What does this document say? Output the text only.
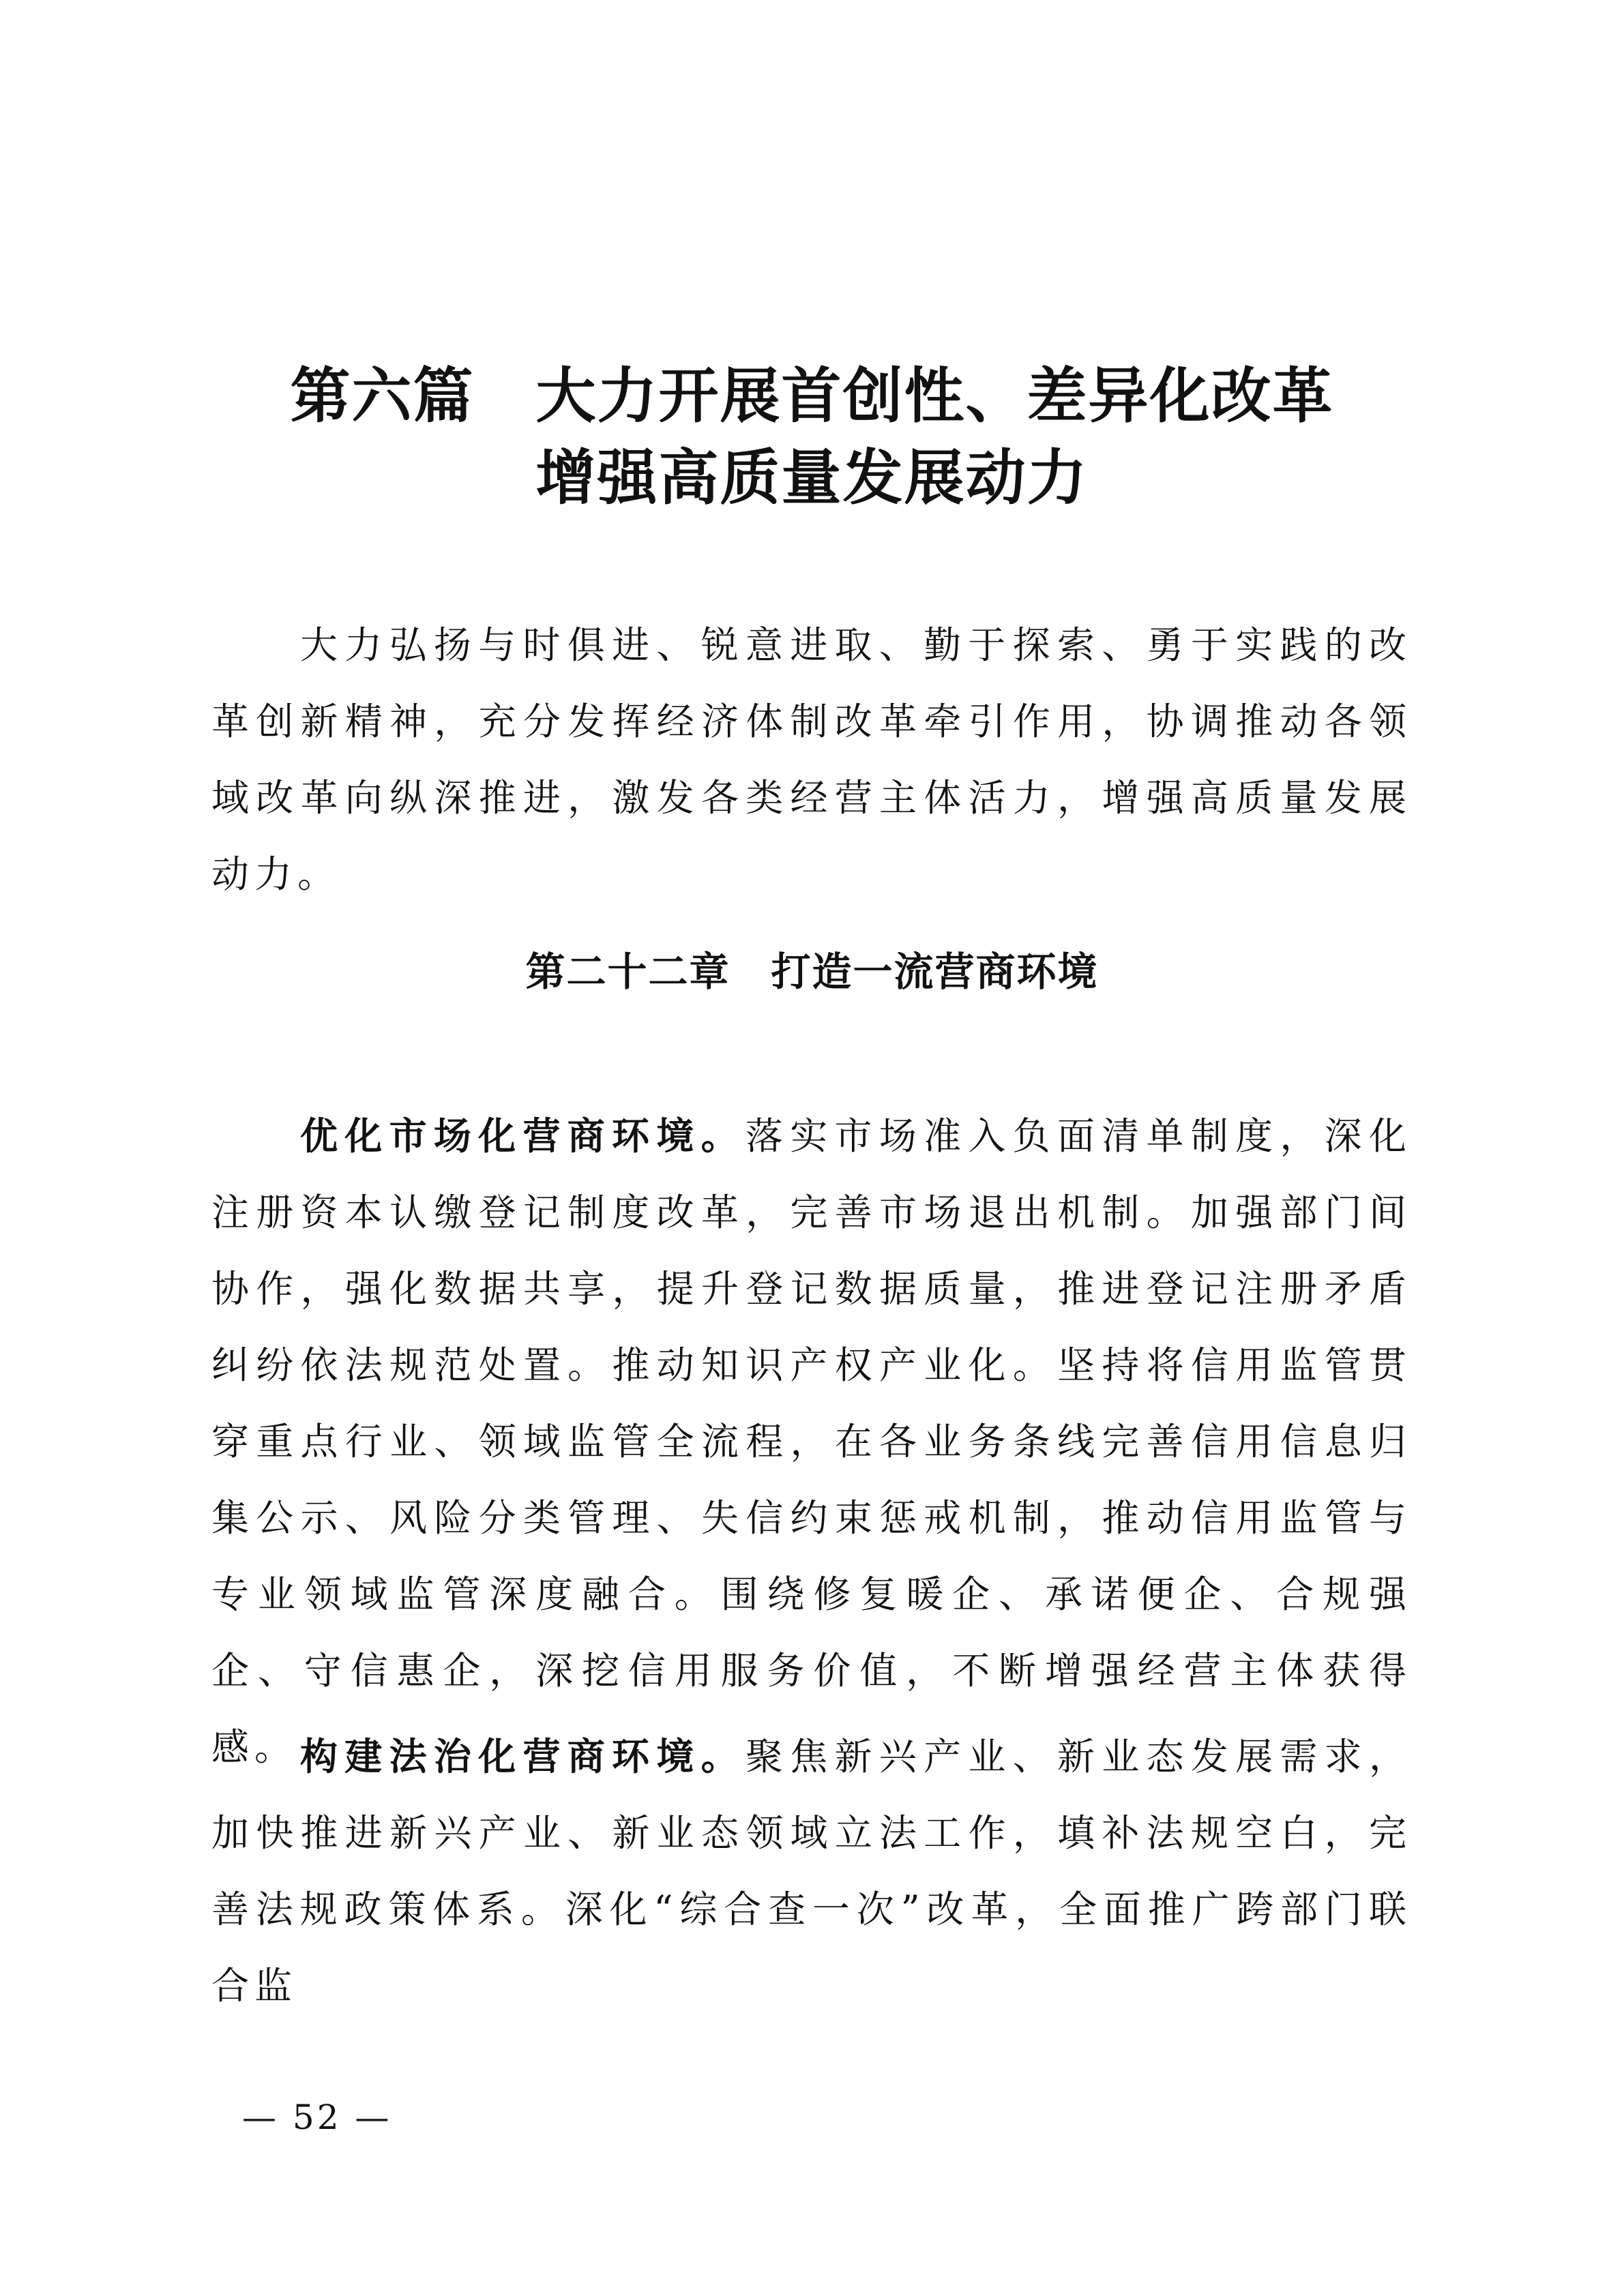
第六篇　大力开展首创性、差异化改革
增强高质量发展动力

大力弘扬与时俱进、锐意进取、勤于探索、勇于实践的改革创新精神，充分发挥经济体制改革牵引作用，协调推动各领域改革向纵深推进，激发各类经营主体活力，增强高质量发展动力。

第二十二章　打造一流营商环境

优化市场化营商环境。落实市场准入负面清单制度，深化注册资本认缴登记制度改革，完善市场退出机制。加强部门间协作，强化数据共享，提升登记数据质量，推进登记注册矛盾纠纷依法规范处置。推动知识产权产业化。坚持将信用监管贯穿重点行业、领域监管全流程，在各业务条线完善信用信息归集公示、风险分类管理、失信约束惩戒机制，推动信用监管与专业领域监管深度融合。围绕修复暖企、承诺便企、合规强企、守信惠企，深挖信用服务价值，不断增强经营主体获得感。 构建法治化营商环境。聚焦新兴产业、新业态发展需求，加快推进新兴产业、新业态领域立法工作，填补法规空白，完善法规政策体系。深化“综合查一次”改革，全面推广跨部门联合监

— 52 —
